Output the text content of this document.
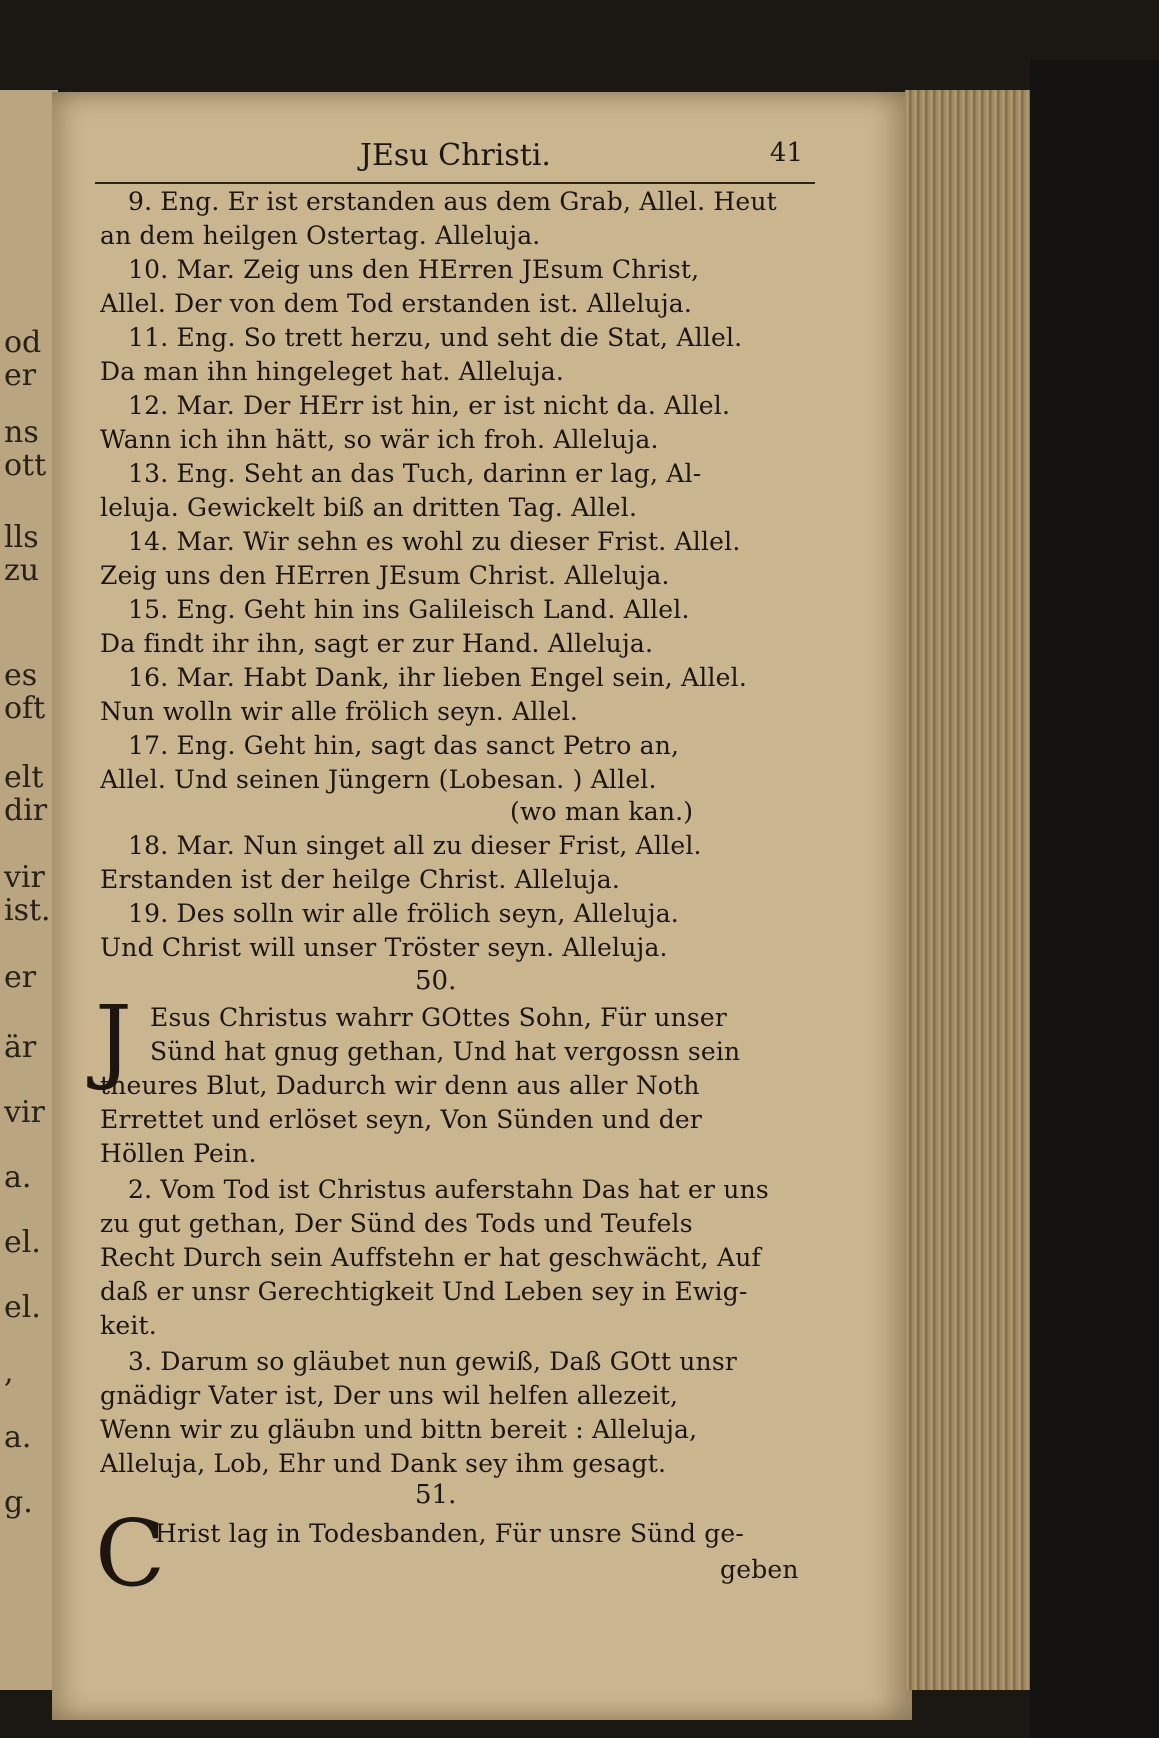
od
er
ns
ott
lls
zu
es
oft
elt
dir
vir
ist.
er
är
vir
a.
el.
el.
,
a.
g.
JEsu Christi.	41
9. Eng. Er ist erstanden aus dem Grab, Allel. Heut
an dem heilgen Ostertag. Alleluja.
10. Mar. Zeig uns den HErren JEsum Christ,
Allel. Der von dem Tod erstanden ist. Alleluja.
11. Eng. So trett herzu, und seht die Stat, Allel.
Da man ihn hingeleget hat. Alleluja.
12. Mar. Der HErr ist hin, er ist nicht da. Allel.
Wann ich ihn hätt, so wär ich froh. Alleluja.
13. Eng. Seht an das Tuch, darinn er lag, Al-
leluja. Gewickelt biß an dritten Tag. Allel.
14. Mar. Wir sehn es wohl zu dieser Frist. Allel.
Zeig uns den HErren JEsum Christ. Alleluja.
15. Eng. Geht hin ins Galileisch Land. Allel.
Da findt ihr ihn, sagt er zur Hand. Alleluja.
16. Mar. Habt Dank, ihr lieben Engel sein, Allel.
Nun wolln wir alle frölich seyn. Allel.
17. Eng. Geht hin, sagt das sanct Petro an,
Allel. Und seinen Jüngern (Lobesan. ) Allel.
(wo man kan.)
18. Mar. Nun singet all zu dieser Frist, Allel.
Erstanden ist der heilge Christ. Alleluja.
19. Des solln wir alle frölich seyn, Alleluja.
Und Christ will unser Tröster seyn. Alleluja.
50.
J Esus Christus wahrr GOttes Sohn, Für unser
Sünd hat gnug gethan, Und hat vergossn sein
theures Blut, Dadurch wir denn aus aller Noth
Errettet und erlöset seyn, Von Sünden und der
Höllen Pein.
2. Vom Tod ist Christus auferstahn Das hat er uns
zu gut gethan, Der Sünd des Tods und Teufels
Recht Durch sein Auffstehn er hat geschwächt, Auf
daß er unsr Gerechtigkeit Und Leben sey in Ewig-
keit.
3. Darum so gläubet nun gewiß, Daß GOtt unsr
gnädigr Vater ist, Der uns wil helfen allezeit,
Wenn wir zu gläubn und bittn bereit : Alleluja,
Alleluja, Lob, Ehr und Dank sey ihm gesagt.
51.
C
Hrist lag in Todesbanden, Für unsre Sünd ge-
geben
